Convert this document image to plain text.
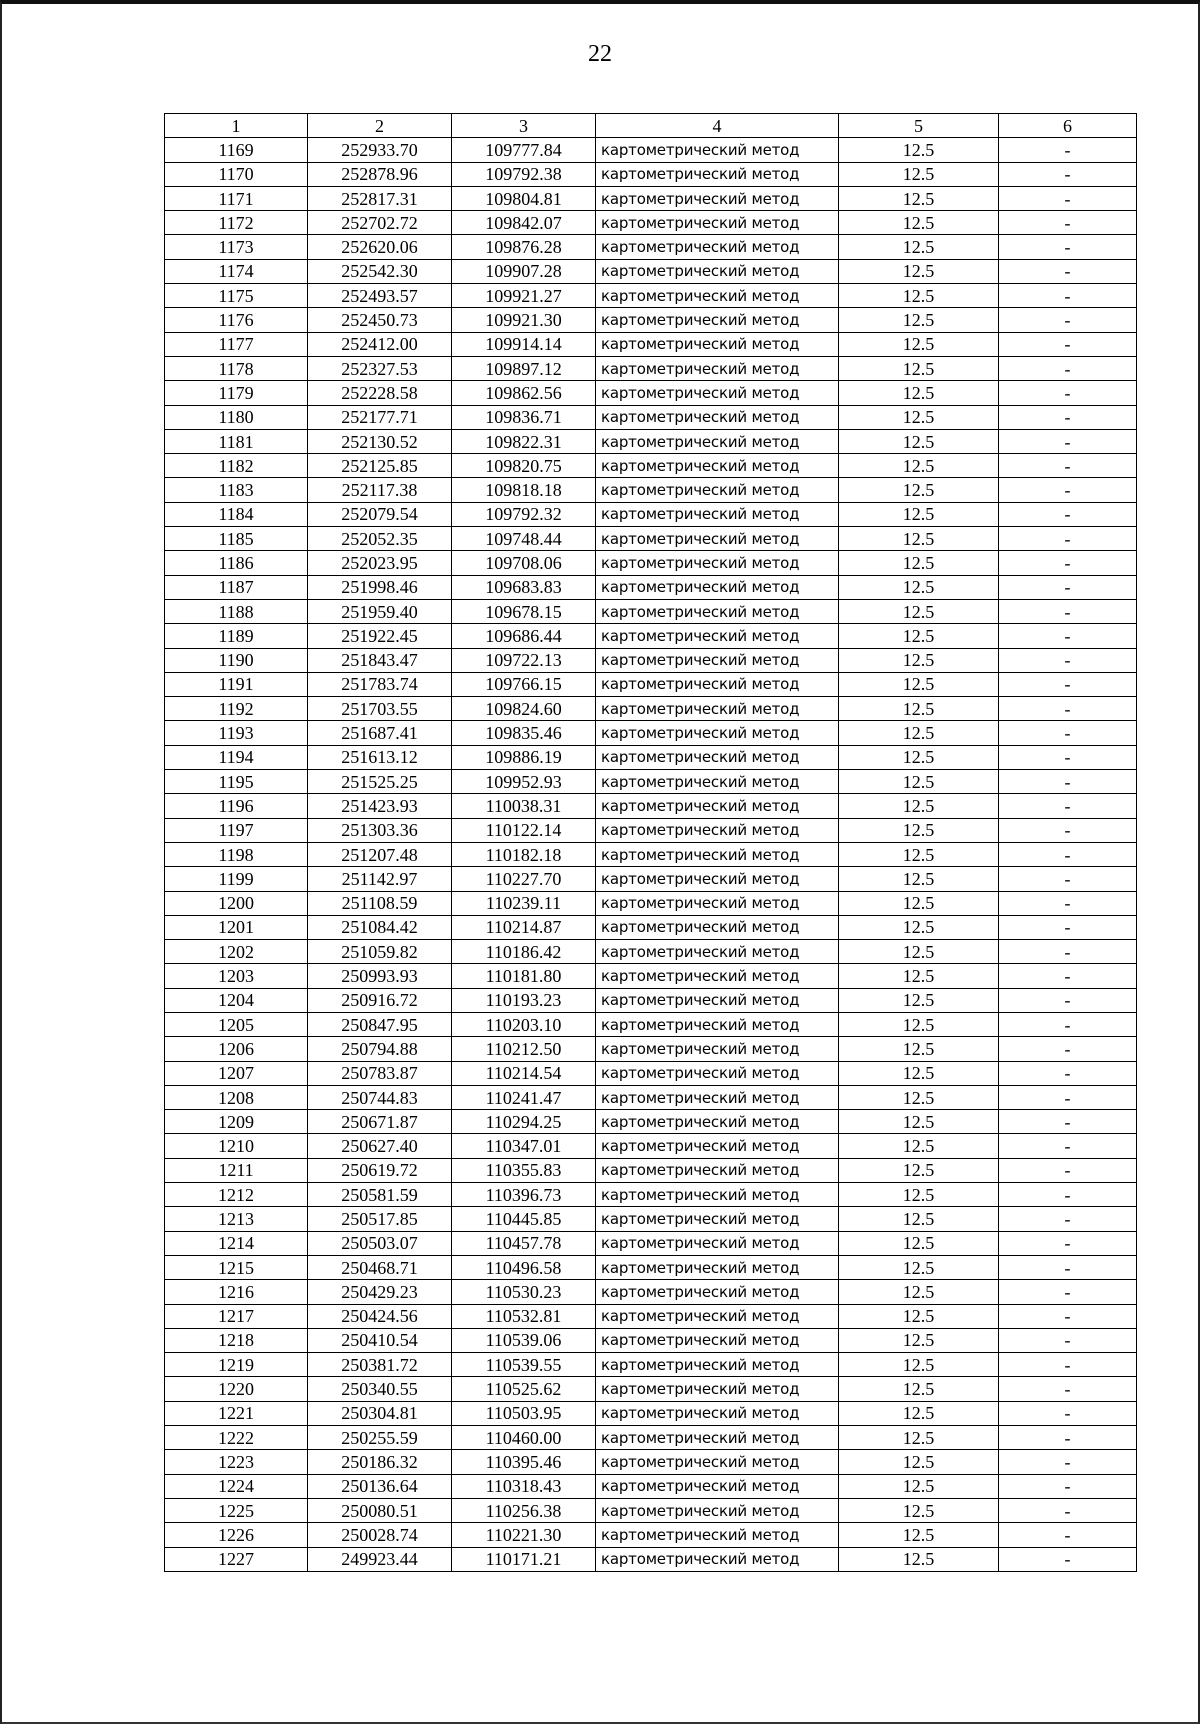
22
1	2	3	4	5	6
1169	252933.70	109777.84	картометрический метод	12.5	-
1170	252878.96	109792.38	картометрический метод	12.5	-
1171	252817.31	109804.81	картометрический метод	12.5	-
1172	252702.72	109842.07	картометрический метод	12.5	-
1173	252620.06	109876.28	картометрический метод	12.5	-
1174	252542.30	109907.28	картометрический метод	12.5	-
1175	252493.57	109921.27	картометрический метод	12.5	-
1176	252450.73	109921.30	картометрический метод	12.5	-
1177	252412.00	109914.14	картометрический метод	12.5	-
1178	252327.53	109897.12	картометрический метод	12.5	-
1179	252228.58	109862.56	картометрический метод	12.5	-
1180	252177.71	109836.71	картометрический метод	12.5	-
1181	252130.52	109822.31	картометрический метод	12.5	-
1182	252125.85	109820.75	картометрический метод	12.5	-
1183	252117.38	109818.18	картометрический метод	12.5	-
1184	252079.54	109792.32	картометрический метод	12.5	-
1185	252052.35	109748.44	картометрический метод	12.5	-
1186	252023.95	109708.06	картометрический метод	12.5	-
1187	251998.46	109683.83	картометрический метод	12.5	-
1188	251959.40	109678.15	картометрический метод	12.5	-
1189	251922.45	109686.44	картометрический метод	12.5	-
1190	251843.47	109722.13	картометрический метод	12.5	-
1191	251783.74	109766.15	картометрический метод	12.5	-
1192	251703.55	109824.60	картометрический метод	12.5	-
1193	251687.41	109835.46	картометрический метод	12.5	-
1194	251613.12	109886.19	картометрический метод	12.5	-
1195	251525.25	109952.93	картометрический метод	12.5	-
1196	251423.93	110038.31	картометрический метод	12.5	-
1197	251303.36	110122.14	картометрический метод	12.5	-
1198	251207.48	110182.18	картометрический метод	12.5	-
1199	251142.97	110227.70	картометрический метод	12.5	-
1200	251108.59	110239.11	картометрический метод	12.5	-
1201	251084.42	110214.87	картометрический метод	12.5	-
1202	251059.82	110186.42	картометрический метод	12.5	-
1203	250993.93	110181.80	картометрический метод	12.5	-
1204	250916.72	110193.23	картометрический метод	12.5	-
1205	250847.95	110203.10	картометрический метод	12.5	-
1206	250794.88	110212.50	картометрический метод	12.5	-
1207	250783.87	110214.54	картометрический метод	12.5	-
1208	250744.83	110241.47	картометрический метод	12.5	-
1209	250671.87	110294.25	картометрический метод	12.5	-
1210	250627.40	110347.01	картометрический метод	12.5	-
1211	250619.72	110355.83	картометрический метод	12.5	-
1212	250581.59	110396.73	картометрический метод	12.5	-
1213	250517.85	110445.85	картометрический метод	12.5	-
1214	250503.07	110457.78	картометрический метод	12.5	-
1215	250468.71	110496.58	картометрический метод	12.5	-
1216	250429.23	110530.23	картометрический метод	12.5	-
1217	250424.56	110532.81	картометрический метод	12.5	-
1218	250410.54	110539.06	картометрический метод	12.5	-
1219	250381.72	110539.55	картометрический метод	12.5	-
1220	250340.55	110525.62	картометрический метод	12.5	-
1221	250304.81	110503.95	картометрический метод	12.5	-
1222	250255.59	110460.00	картометрический метод	12.5	-
1223	250186.32	110395.46	картометрический метод	12.5	-
1224	250136.64	110318.43	картометрический метод	12.5	-
1225	250080.51	110256.38	картометрический метод	12.5	-
1226	250028.74	110221.30	картометрический метод	12.5	-
1227	249923.44	110171.21	картометрический метод	12.5	-
